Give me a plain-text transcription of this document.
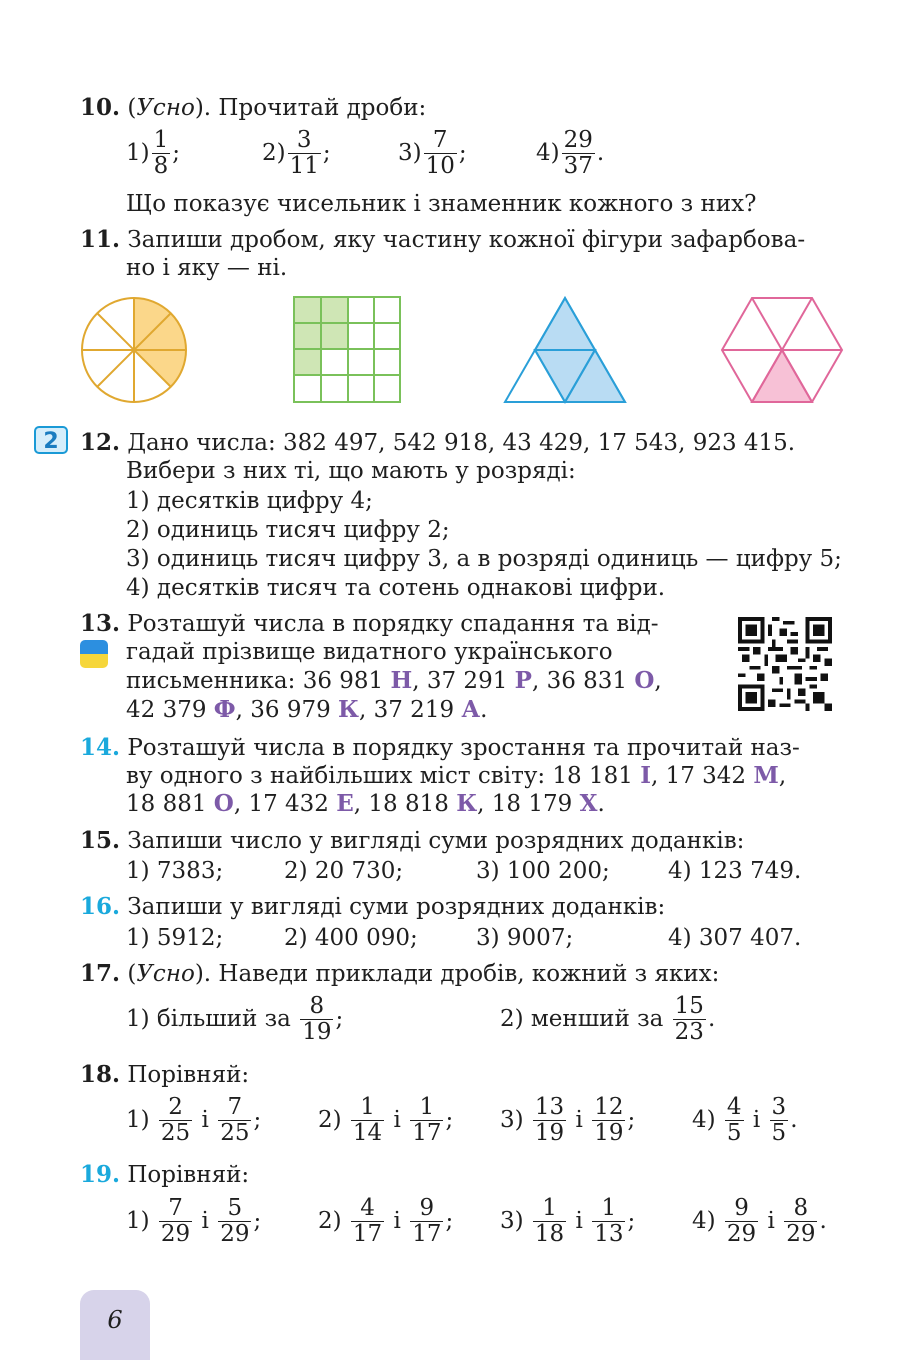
10. (Усно). Прочитай дроби:
$1) \frac{1}{8}$ ;	$2) \frac{3}{11}$ ;	$3) \frac{7}{10}$ ;	$4) \frac{29}{37}$ .
Що показує чисельник і знаменник кожного з них?
11. Запиши дробом, яку частину кожної фігури зафарбова-
но і яку — ні.
2 12. Дано числа: 382 497, 542 918, 43 429, 17 543, 923 415.
Вибери з них ті, що мають у розряді:
1) десятків цифру 4;
2) одиниць тисяч цифру 2;
3) одиниць тисяч цифру 3, а в розряді одиниць — цифру 5;
4) десятків тисяч та сотень однакові цифри.
13. Розташуй числа в порядку спадання та від-
гадай прізвище видатного українського
письменника: 36 981 Н, 37 291 Р, 36 831 О,
42 379 Ф, 36 979 К, 37 219 А.
14. Розташуй числа в порядку зростання та прочитай наз-
ву одного з найбільших міст світу: 18 181 І, 17 342 М,
18 881 О, 17 432 Е, 18 818 К, 18 179 Х.
15. Запиши число у вигляді суми розрядних доданків:
1) 7383;	2) 20 730;	3) 100 200;	4) 123 749.
16. Запиши у вигляді суми розрядних доданків:
1) 5912;	2) 400 090;	3) 9007;	4) 307 407.
17. (Усно). Наведи приклади дробів, кожний з яких:
1) більший за
$\frac{8}{19}$ ;	2) менший за
$\frac{15}{23}$ .
18. Порівняй:
1)
$\frac{2}{25}$
і
$\frac{7}{25}$ ; 2)
$\frac{1}{14}$
і
$\frac{1}{17}$ ; 3)
$\frac{13}{19}$
і
$\frac{12}{19}$ ; 4)
$\frac{4}{5}$
і
$\frac{3}{5}$ .
19. Порівняй:
1)
$\frac{7}{29}$
і
$\frac{5}{29}$ ; 2)
$\frac{4}{17}$
і
$\frac{9}{17}$ ; 3)
$\frac{1}{18}$
і
$\frac{1}{13}$ ; 4)
$\frac{9}{29}$
і
$\frac{8}{29}$ .
6
